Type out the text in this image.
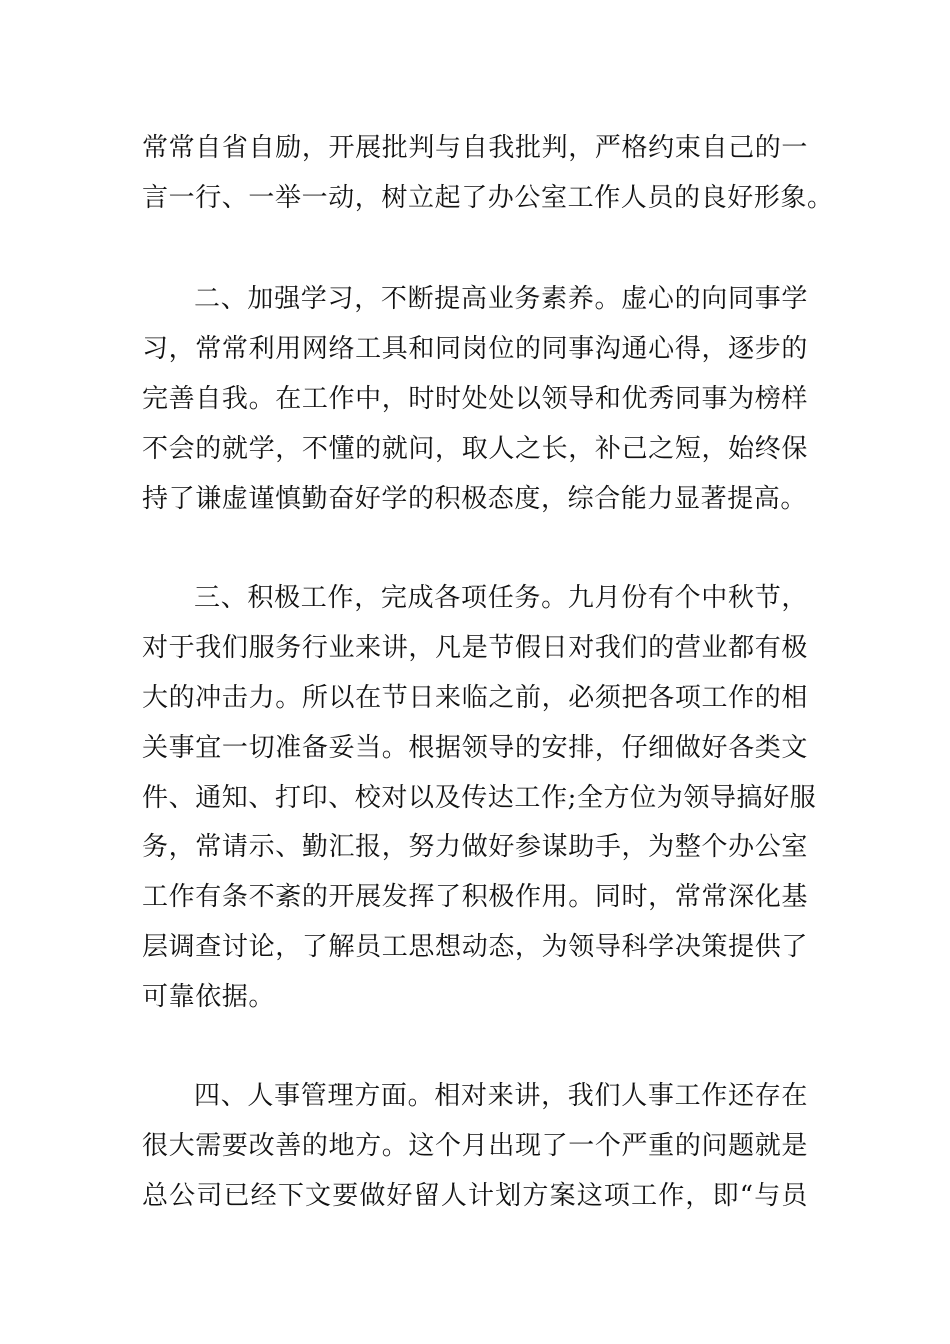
常常自省自励，开展批判与自我批判，严格约束自己的一
言一行、一举一动，树立起了办公室工作人员的良好形象。
二、加强学习，不断提高业务素养。虚心的向同事学
习，常常利用网络工具和同岗位的同事沟通心得，逐步的
完善自我。在工作中，时时处处以领导和优秀同事为榜样
不会的就学，不懂的就问，取人之长，补己之短，始终保
持了谦虚谨慎勤奋好学的积极态度，综合能力显著提高。
三、积极工作，完成各项任务。九月份有个中秋节，
对于我们服务行业来讲，凡是节假日对我们的营业都有极
大的冲击力。所以在节日来临之前，必须把各项工作的相
关事宜一切准备妥当。根据领导的安排，仔细做好各类文
件、通知、打印、校对以及传达工作;全方位为领导搞好服
务，常请示、勤汇报，努力做好参谋助手，为整个办公室
工作有条不紊的开展发挥了积极作用。同时，常常深化基
层调查讨论，了解员工思想动态，为领导科学决策提供了
可靠依据。
四、人事管理方面。相对来讲，我们人事工作还存在
很大需要改善的地方。这个月出现了一个严重的问题就是
总公司已经下文要做好留人计划方案这项工作，即“与员
